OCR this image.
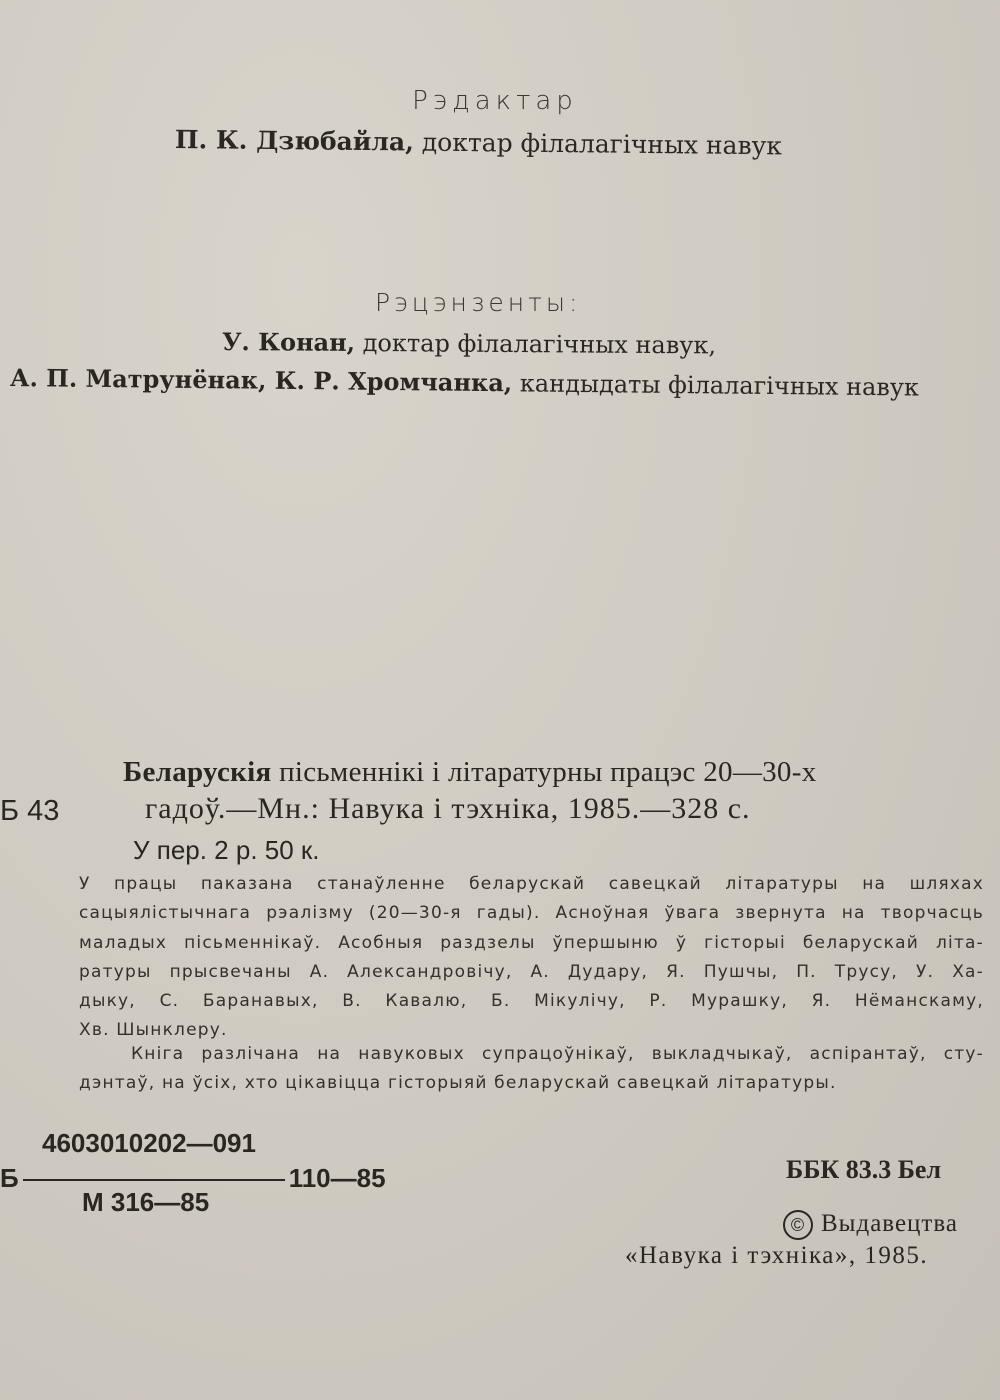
Рэдактар
П. К. Дзюбайла, доктар філалагічных навук
Рэцэнзенты:
У. Конан, доктар філалагічных навук,
А. П. Матрунёнак, К. Р. Хромчанка, кандыдаты філалагічных навук
Б 43
Беларускія пісьменнікі і літаратурны працэс 20—30-х
гадоў.—Мн.: Навука і тэхніка, 1985.—328 с.
У пер. 2 р. 50 к.
У працы паказана станаўленне беларускай савецкай літаратуры на шляхах
сацыялістычнага рэалізму (20—30-я гады). Асноўная ўвага звернута на творчасць
маладых пісьменнікаў. Асобныя раздзелы ўпершыню ў гісторыі беларускай літа-
ратуры прысвечаны А. Александровічу, А. Дудару, Я. Пушчы, П. Трусу, У. Ха-
дыку, С. Баранавых, В. Кавалю, Б. Мікулічу, Р. Мурашку, Я. Нёманскаму,
Хв. Шынклеру.
Кніга разлічана на навуковых супрацоўнікаў, выкладчыкаў, аспірантаў, сту-
дэнтаў, на ўсіх, хто цікавіцца гісторыяй беларускай савецкай літаратуры.
4603010202—091
Б	110—85
М 316—85
ББК 83.3 Бел
© Выдавецтва
«Навука і тэхніка», 1985.
